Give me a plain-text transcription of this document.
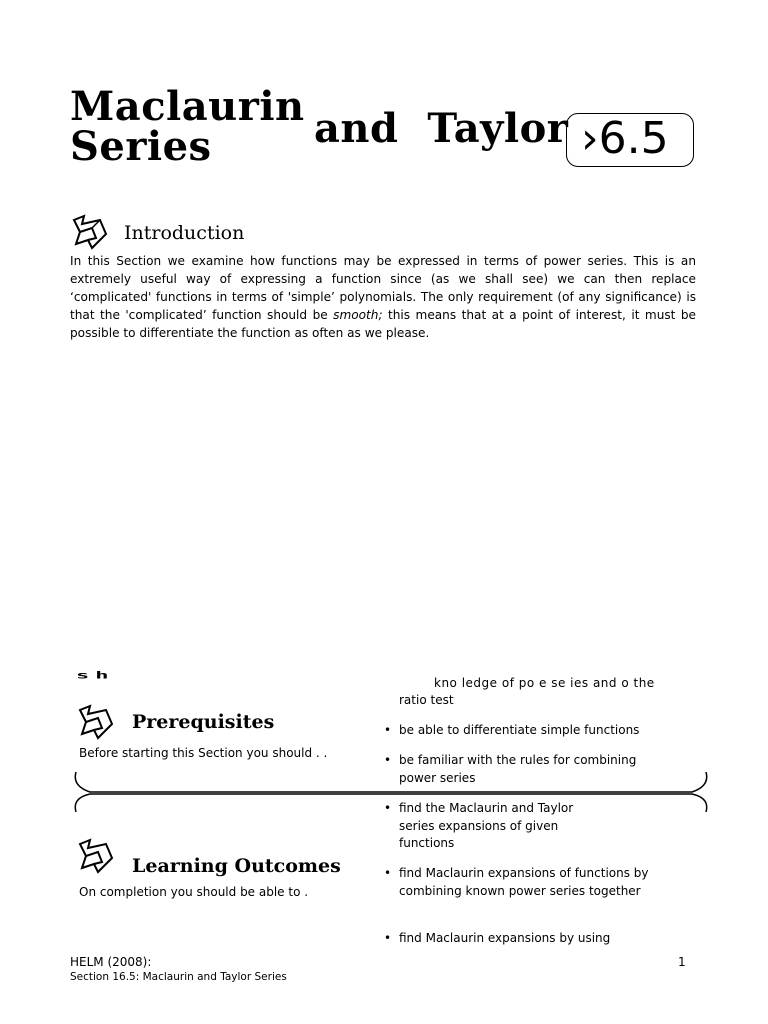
Maclaurin
Series	and  Taylor ›6.5
Introduction
In this Section we examine how functions may be expressed in terms of power series. This is an extremely useful way of expressing a function since (as we shall see) we can then replace ‘complicated' functions in terms of 'simple’ polynomials. The only requirement (of any significance) is that the 'complicated’ function should be smooth; this means that at a point of interest, it must be possible to differentiate the function as often as we please.
sh
kno ledge of po e se ies and o the
ratio test
Prerequisites
Before starting this Section you should . .
• be able to differentiate simple functions
• be familiar with the rules for combining power series
• find the Maclaurin and Taylor series expansions of given functions
• find Maclaurin expansions of functions by combining known power series together
• find Maclaurin expansions by using
Learning Outcomes
On completion you should be able to .
HELM (2008):
Section 16.5: Maclaurin and Taylor Series
1
